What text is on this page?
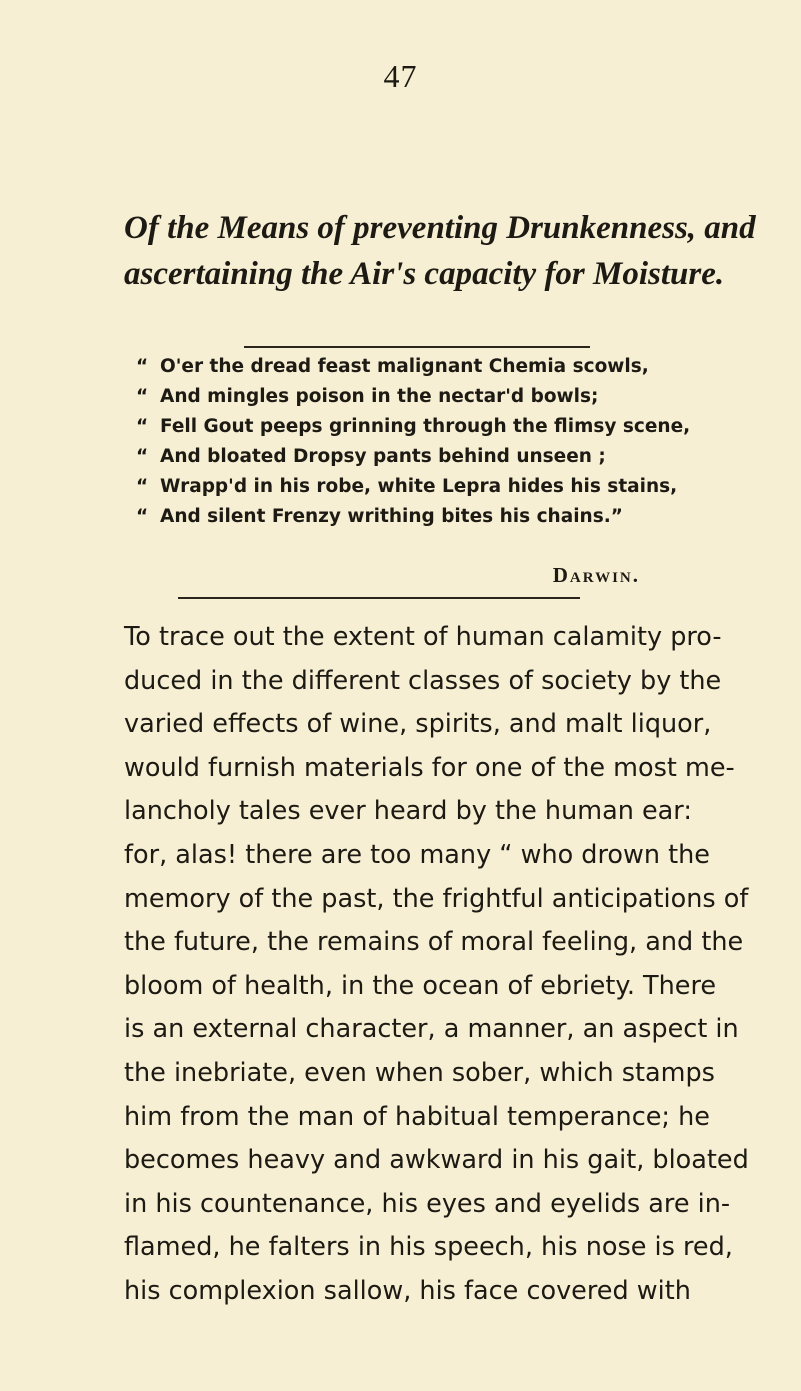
47
Of the Means of preventing Drunkenness, and
ascertaining the Air's capacity for Moisture.
“ O'er the dread feast malignant Chemia scowls,
“ And mingles poison in the nectar'd bowls;
“ Fell Gout peeps grinning through the flimsy scene,
“ And bloated Dropsy pants behind unseen ;
“ Wrapp'd in his robe, white Lepra hides his stains,
“ And silent Frenzy writhing bites his chains.”
Darwin.
To trace out the extent of human calamity pro-
duced in the different classes of society by the
varied effects of wine, spirits, and malt liquor,
would furnish materials for one of the most me-
lancholy tales ever heard by the human ear:
for, alas! there are too many “ who drown the
memory of the past, the frightful anticipations of
the future, the remains of moral feeling, and the
bloom of health, in the ocean of ebriety. There
is an external character, a manner, an aspect in
the inebriate, even when sober, which stamps
him from the man of habitual temperance; he
becomes heavy and awkward in his gait, bloated
in his countenance, his eyes and eyelids are in-
flamed, he falters in his speech, his nose is red,
his complexion sallow, his face covered with
